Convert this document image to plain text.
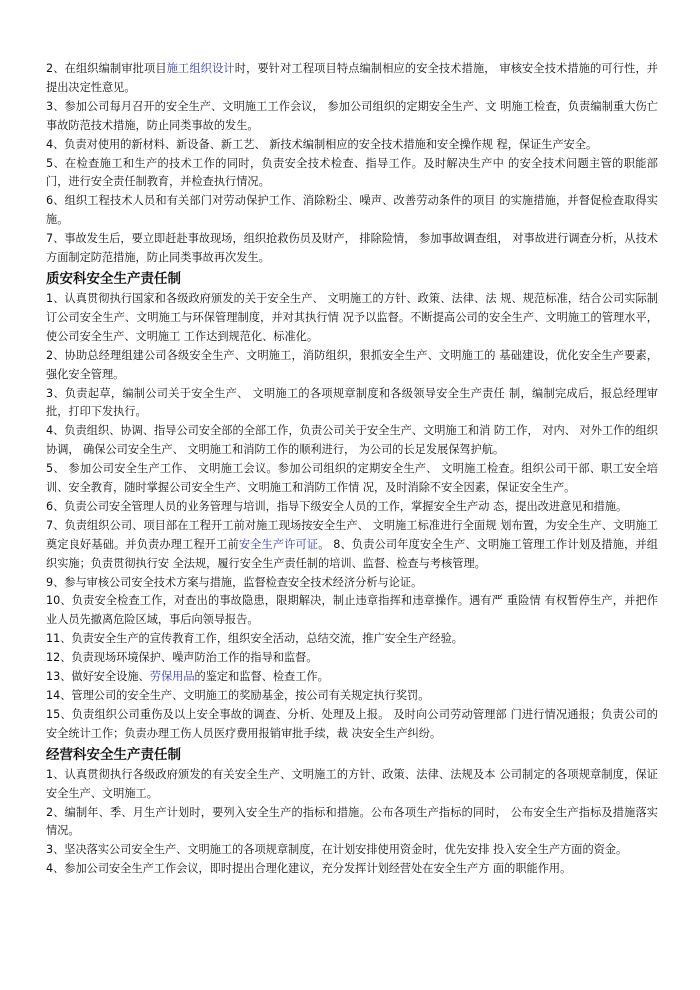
2、在组织编制审批项目施工组织设计时，要针对工程项目特点编制相应的安全技术措施， 审核安全技术措施的可行性，并提出决定性意见。

3、参加公司每月召开的安全生产、文明施工工作会议， 参加公司组织的定期安全生产、文 明施工检查，负责编制重大伤亡事故防范技术措施，防止同类事故的发生。

4、负责对使用的新材料、新设备、新工艺、 新技术编制相应的安全技术措施和安全操作规 程，保证生产安全。

5、在检查施工和生产的技术工作的同时，负责安全技术检查、指导工作。及时解决生产中 的安全技术问题主管的职能部门，进行安全责任制教育，并检查执行情况。

6、组织工程技术人员和有关部门对劳动保护工作、消除粉尘、噪声、改善劳动条件的项目 的实施措施，并督促检查取得实施。

7、事故发生后，要立即赶赴事故现场，组织抢救伤员及财产， 排除险情， 参加事故调查组， 对事故进行调查分析，从技术方面制定防范措施，防止同类事故再次发生。

质安科安全生产责任制

1、认真贯彻执行国家和各级政府颁发的关于安全生产、 文明施工的方针、政策、法律、法 规、规范标准，结合公司实际制订公司安全生产、文明施工与环保管理制度，并对其执行情 况予以监督。不断提高公司的安全生产、文明施工的管理水平，使公司安全生产、文明施工 工作达到规范化、标准化。

2、协助总经理组建公司各级安全生产、文明施工，消防组织，狠抓安全生产、文明施工的 基础建设，优化安全生产要素，强化安全管理。

3、负责起草，编制公司关于安全生产、 文明施工的各项规章制度和各级领导安全生产责任 制，编制完成后，报总经理审批，打印下发执行。

4、负责组织、协调、指导公司安全部的全部工作，负责公司关于安全生产、文明施工和消 防工作， 对内、 对外工作的组织协调， 确保公司安全生产、 文明施工和消防工作的顺利进行， 为公司的长足发展保驾护航。

5、 参加公司安全生产工作、 文明施工会议。参加公司组织的定期安全生产、 文明施工检查。组织公司干部、职工安全培训、安全教育，随时掌握公司安全生产、文明施工和消防工作情 况，及时消除不安全因素，保证安全生产。

6、负责公司安全管理人员的业务管理与培训，指导下级安全人员的工作，掌握安全生产动 态，提出改进意见和措施。

7、负责组织公司、项目部在工程开工前对施工现场按安全生产、 文明施工标准进行全面规 划布置，为安全生产、文明施工奠定良好基础。并负责办理工程开工前安全生产许可证。 8、负责公司年度安全生产、文明施工管理工作计划及措施，并组织实施；负责贯彻执行安 全法规，履行安全生产责任制的培训、监督、检查与考核管理。

9、参与审核公司安全技术方案与措施，监督检查安全技术经济分析与论证。

10、负责安全检查工作，对查出的事故隐患，限期解决，制止违章指挥和违章操作。遇有严 重险情 有权暂停生产，并把作业人员先撤离危险区域，事后向领导报告。

11、负责安全生产的宣传教育工作，组织安全活动，总结交流，推广安全生产经验。

12、负责现场环境保护、噪声防治工作的指导和监督。

13、做好安全设施、劳保用品的鉴定和监督、检查工作。

14、管理公司的安全生产、文明施工的奖励基金，按公司有关规定执行奖罚。

15、负责组织公司重伤及以上安全事故的调查、分析、处理及上报。 及时向公司劳动管理部 门进行情况通报；负责公司的安全统计工作；负责办理工伤人员医疗费用报销审批手续，裁 决安全生产纠纷。

经营科安全生产责任制

1、认真贯彻执行各级政府颁发的有关安全生产、文明施工的方针、政策、法律、法规及本 公司制定的各项规章制度，保证安全生产、文明施工。

2、编制年、季、月生产计划时，要列入安全生产的指标和措施。公布各项生产指标的同时， 公布安全生产指标及措施落实情况。

3、坚决落实公司安全生产、文明施工的各项规章制度，在计划安排使用资金时，优先安排 投入安全生产方面的资金。

4、参加公司安全生产工作会议，即时提出合理化建议，充分发挥计划经营处在安全生产方 面的职能作用。
